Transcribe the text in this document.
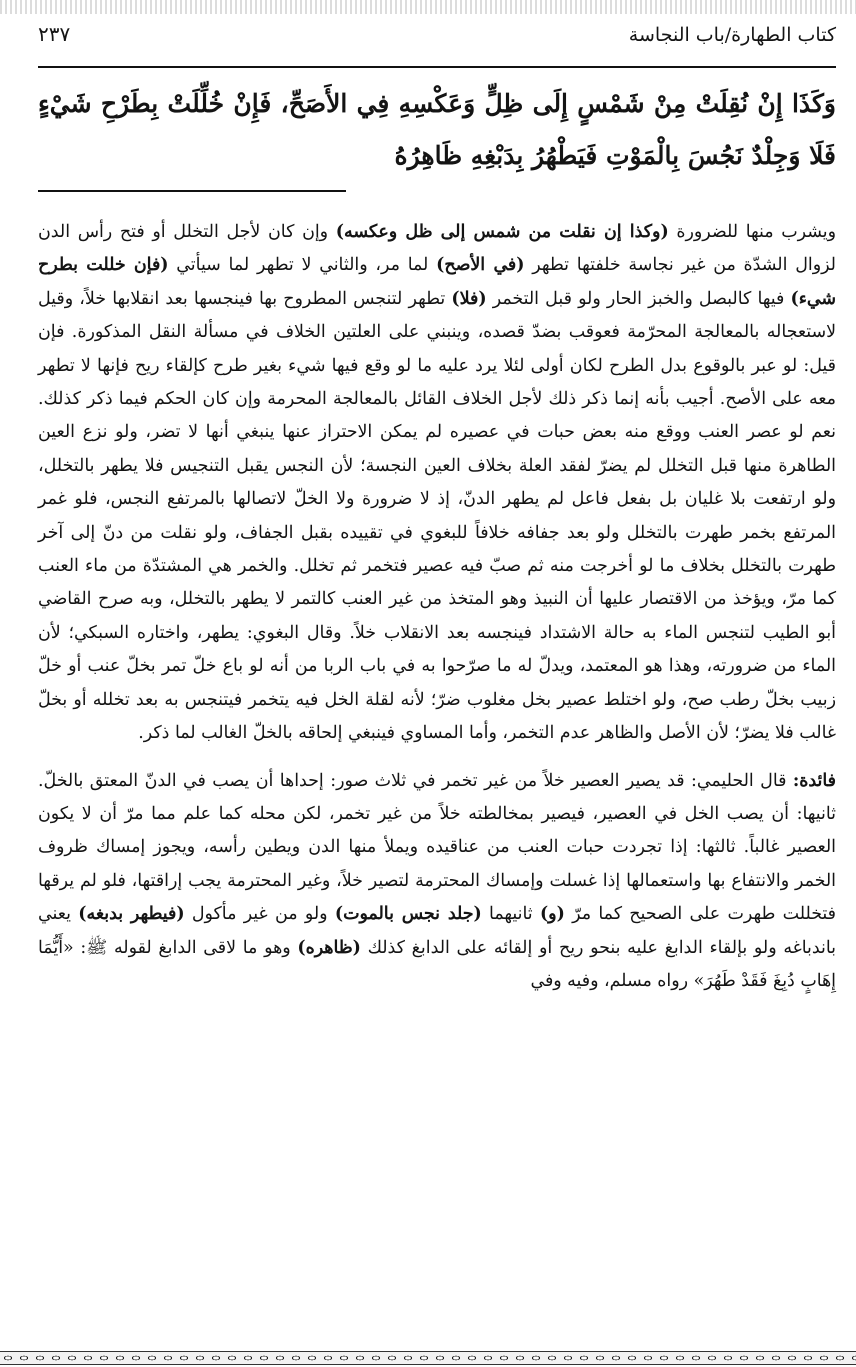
كتاب الطهارة/باب النجاسة
٢٣٧
وَكَذَا إِنْ نُقِلَتْ مِنْ شَمْسٍ إِلَى ظِلٍّ وَعَكْسِهِ فِي الأَصَحِّ، فَإِنْ خُلِّلَتْ بِطَرْحِ شَيْءٍ فَلَا وَجِلْدٌ نَجُسَ بِالْمَوْتِ فَيَطْهُرُ بِدَبْغِهِ ظَاهِرُهُ

ويشرب منها للضرورة (وكذا إن نقلت من شمس إلى ظل وعكسه) وإن كان لأجل التخلل أو فتح رأس الدن لزوال الشدّة من غير نجاسة خلفتها تطهر (في الأصح) لما مر، والثاني لا تطهر لما سيأتي (فإن خللت بطرح شيء) فيها كالبصل والخبز الحار ولو قبل التخمر (فلا) تطهر لتنجس المطروح بها فينجسها بعد انقلابها خلاً، وقيل لاستعجاله بالمعالجة المحرّمة فعوقب بضدّ قصده، وينبني على العلتين الخلاف في مسألة النقل المذكورة. فإن قيل: لو عبر بالوقوع بدل الطرح لكان أولى لئلا يرد عليه ما لو وقع فيها شيء بغير طرح كإلقاء ريح فإنها لا تطهر معه على الأصح. أجيب بأنه إنما ذكر ذلك لأجل الخلاف القائل بالمعالجة المحرمة وإن كان الحكم فيما ذكر كذلك. نعم لو عصر العنب ووقع منه بعض حبات في عصيره لم يمكن الاحتراز عنها ينبغي أنها لا تضر، ولو نزع العين الطاهرة منها قبل التخلل لم يضرّ لفقد العلة بخلاف العين النجسة؛ لأن النجس يقبل التنجيس فلا يطهر بالتخلل، ولو ارتفعت بلا غليان بل بفعل فاعل لم يطهر الدنّ، إذ لا ضرورة ولا الخلّ لاتصالها بالمرتفع النجس، فلو غمر المرتفع بخمر طهرت بالتخلل ولو بعد جفافه خلافاً للبغوي في تقييده بقبل الجفاف، ولو نقلت من دنّ إلى آخر طهرت بالتخلل بخلاف ما لو أخرجت منه ثم صبّ فيه عصير فتخمر ثم تخلل. والخمر هي المشتدّة من ماء العنب كما مرّ، ويؤخذ من الاقتصار عليها أن النبيذ وهو المتخذ من غير العنب كالتمر لا يطهر بالتخلل، وبه صرح القاضي أبو الطيب لتنجس الماء به حالة الاشتداد فينجسه بعد الانقلاب خلاً. وقال البغوي: يطهر، واختاره السبكي؛ لأن الماء من ضرورته، وهذا هو المعتمد، ويدلّ له ما صرّحوا به في باب الربا من أنه لو باع خلّ تمر بخلّ عنب أو خلّ زبيب بخلّ رطب صح، ولو اختلط عصير بخل مغلوب ضرّ؛ لأنه لقلة الخل فيه يتخمر فيتنجس به بعد تخلله أو بخلّ غالب فلا يضرّ؛ لأن الأصل والظاهر عدم التخمر، وأما المساوي فينبغي إلحاقه بالخلّ الغالب لما ذكر.

فائدة: قال الحليمي: قد يصير العصير خلاً من غير تخمر في ثلاث صور: إحداها أن يصب في الدنّ المعتق بالخلّ. ثانيها: أن يصب الخل في العصير، فيصير بمخالطته خلاً من غير تخمر، لكن محله كما علم مما مرّ أن لا يكون العصير غالباً. ثالثها: إذا تجردت حبات العنب من عناقيده ويملأ منها الدن ويطين رأسه، ويجوز إمساك ظروف الخمر والانتفاع بها واستعمالها إذا غسلت وإمساك المحترمة لتصير خلاً، وغير المحترمة يجب إراقتها، فلو لم يرقها فتخللت طهرت على الصحيح كما مرّ (و) ثانيهما (جلد نجس بالموت) ولو من غير مأكول (فيطهر بدبغه) يعني باندباغه ولو بإلقاء الدابغ عليه بنحو ريح أو إلقائه على الدابغ كذلك (ظاهره) وهو ما لاقى الدابغ لقوله ﷺ: «أَيُّمَا إِهَابٍ دُبِغَ فَقَدْ طَهُرَ» رواه مسلم، وفيه وفي
